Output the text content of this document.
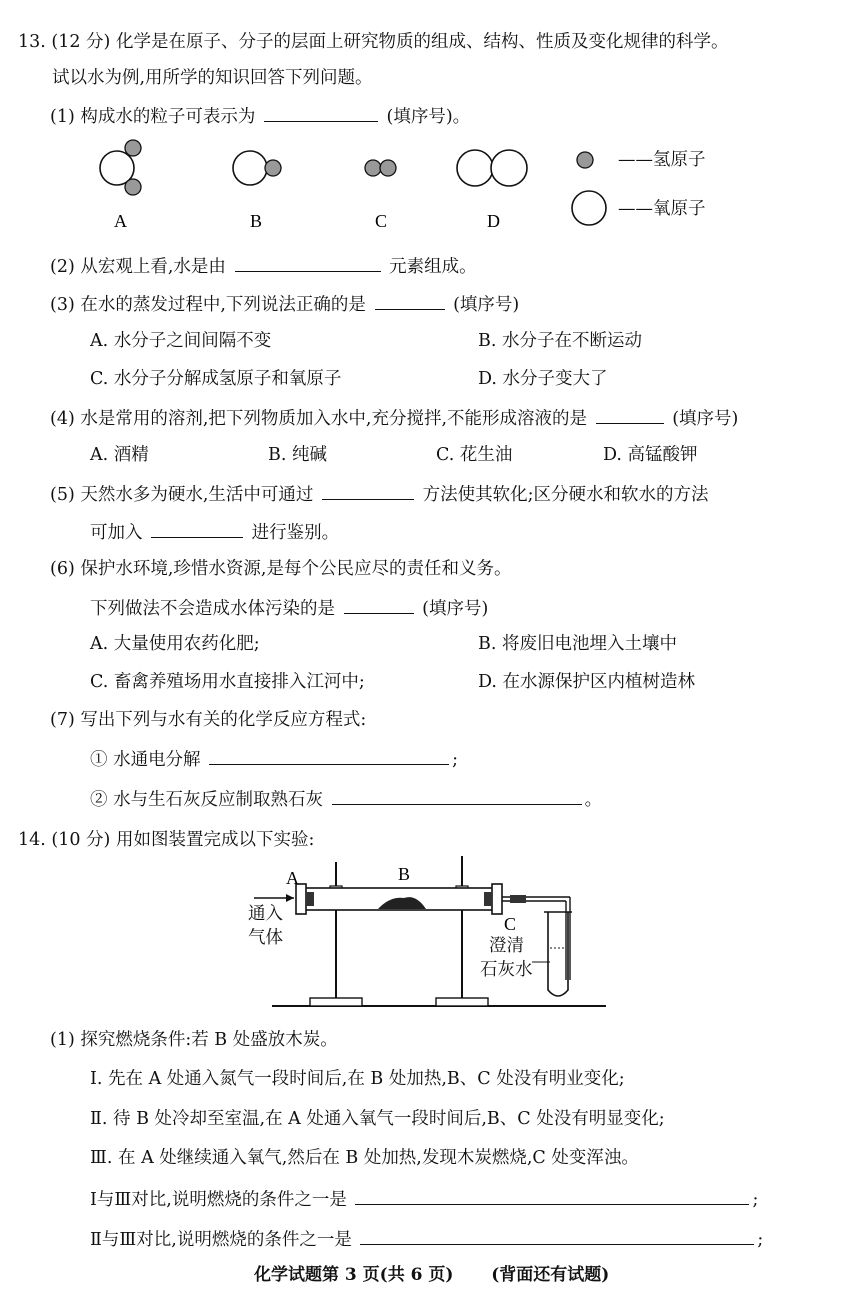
13. (12 分) 化学是在原子、分子的层面上研究物质的组成、结构、性质及变化规律的科学。
试以水为例,用所学的知识回答下列问题。
(1) 构成水的粒子可表示为	(填序号)。
A	B	C	D
——氢原子
——氧原子
(2) 从宏观上看,水是由	元素组成。
(3) 在水的蒸发过程中,下列说法正确的是	(填序号)
A. 水分子之间间隔不变	B. 水分子在不断运动
C. 水分子分解成氢原子和氧原子	D. 水分子变大了
(4) 水是常用的溶剂,把下列物质加入水中,充分搅拌,不能形成溶液的是	(填序号)
A. 酒精	B. 纯碱	C. 花生油	D. 高锰酸钾
(5) 天然水多为硬水,生活中可通过	方法使其软化;区分硬水和软水的方法
可加入	进行鉴别。
(6) 保护水环境,珍惜水资源,是每个公民应尽的责任和义务。
下列做法不会造成水体污染的是	(填序号)
A. 大量使用农药化肥;	B. 将废旧电池埋入土壤中
C. 畜禽养殖场用水直接排入江河中;	D. 在水源保护区内植树造林
(7) 写出下列与水有关的化学反应方程式:
① 水通电分解	;
② 水与生石灰反应制取熟石灰	。
14. (10 分) 用如图装置完成以下实验:
A	B
C
通入
气体	澄清
石灰水
(1) 探究燃烧条件:若 B 处盛放木炭。
Ⅰ. 先在 A 处通入氮气一段时间后,在 B 处加热,B、C 处没有明业变化;
Ⅱ. 待 B 处冷却至室温,在 A 处通入氧气一段时间后,B、C 处没有明显变化;
Ⅲ. 在 A 处继续通入氧气,然后在 B 处加热,发现木炭燃烧,C 处变浑浊。
Ⅰ与Ⅲ对比,说明燃烧的条件之一是	;
Ⅱ与Ⅲ对比,说明燃烧的条件之一是	;
化学试题第 3 页(共 6 页) (背面还有试题)
